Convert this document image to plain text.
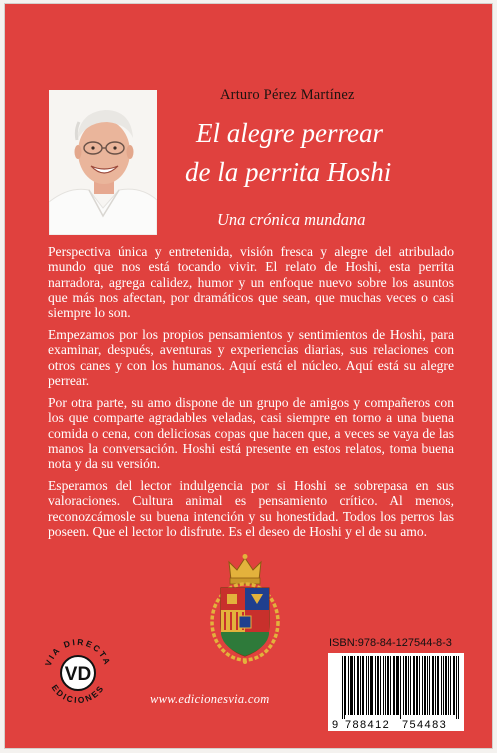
Arturo Pérez Martínez
El alegre perrear
de la perrita Hoshi
Una crónica mundana
Perspectiva única y entretenida, visión fresca y alegre del atribulado mundo que nos está tocando vivir. El relato de Hoshi, esta perrita narradora, agrega calidez, humor y un enfoque nuevo sobre los asuntos que más nos afectan, por dramáticos que sean, que muchas veces o casi siempre lo son.
Empezamos por los propios pensamientos y sentimientos de Hoshi, para examinar, después, aventuras y experiencias diarias, sus relaciones con otros canes y con los humanos. Aquí está el núcleo. Aquí está su alegre perrear.
Por otra parte, su amo dispone de un grupo de amigos y compañeros con los que comparte agradables veladas, casi siempre en torno a una buena comida o cena, con deliciosas copas que hacen que, a veces se vaya de las manos la conversación. Hoshi está presente en estos relatos, toma buena nota y da su versión.
Esperamos del lector indulgencia por si Hoshi se sobrepasa en sus valoraciones. Cultura animal es pensamiento crítico. Al menos, reconozcámosle su buena intención y su honestidad. Todos los perros las poseen. Que el lector lo disfrute. Es el deseo de Hoshi y el de su amo.
VIA DIRECTA
EDICIONES
VD
www.edicionesvia.com
ISBN:978-84-127544-8-3
9 788412 754483
